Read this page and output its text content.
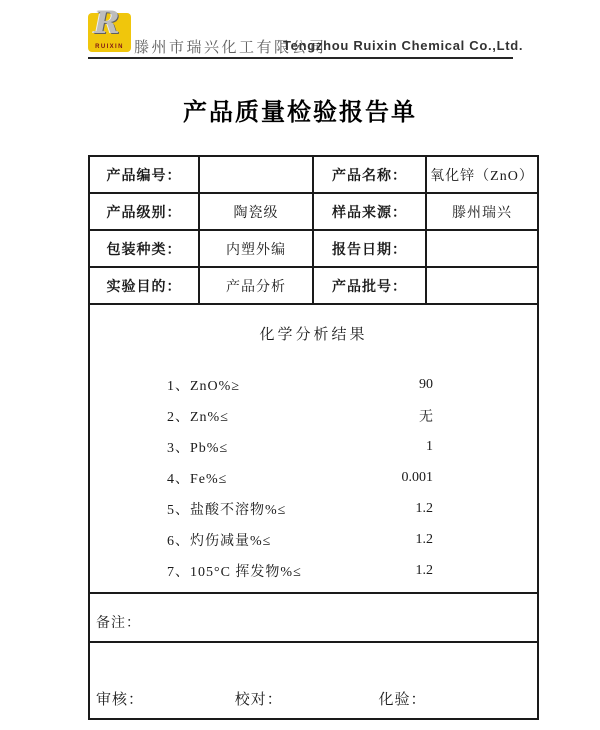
R
RUIXIN 滕州市瑞兴化工有限公司
Tengzhou Ruixin Chemical Co.,Ltd.
产品质量检验报告单
产品编号：		产品名称：	氧化锌（ZnO）
产品级别：	陶瓷级	样品来源：	滕州瑞兴
包装种类：	内塑外编	报告日期：	
实验目的：	产品分析	产品批号：	

化学分析结果
1、ZnO%≥	90
2、Zn%≤	无
3、Pb%≤	1
4、Fe%≤	0.001
5、盐酸不溶物%≤	1.2
6、灼伤减量%≤	1.2
7、105°C 挥发物%≤	1.2

备注：			

审核： 校对： 化验：			
